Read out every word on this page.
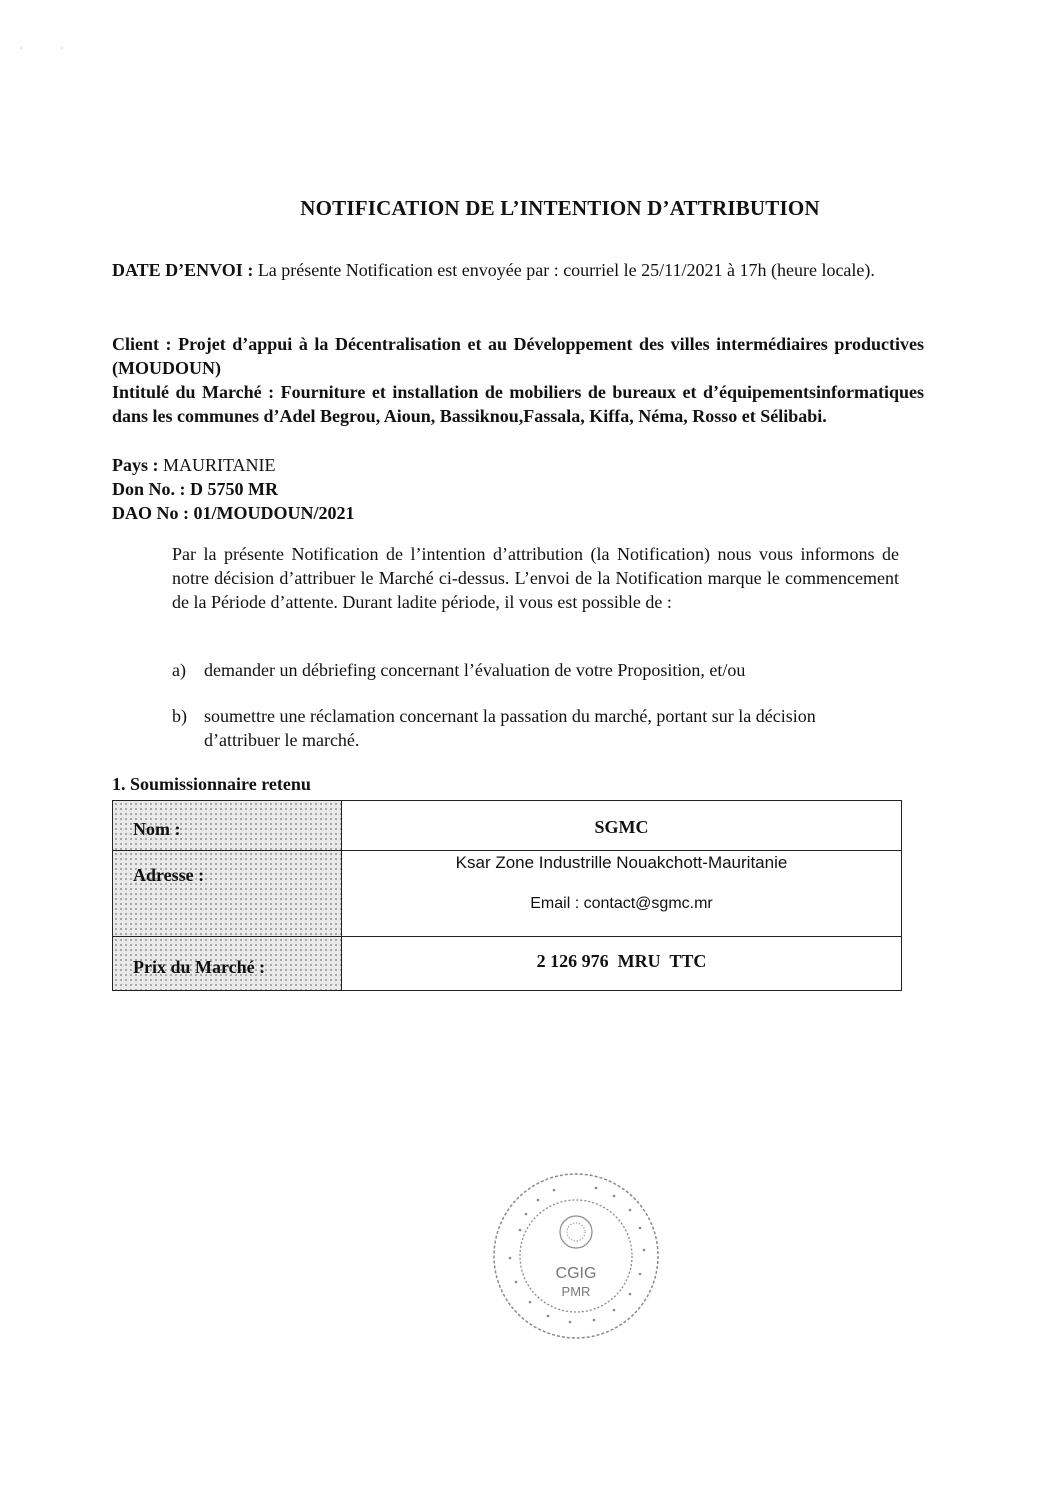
·                   ·
NOTIFICATION DE L’INTENTION D’ATTRIBUTION
DATE D’ENVOI : La présente Notification est envoyée par : courriel le 25/11/2021 à 17h (heure locale).
Client : Projet d’appui à la Décentralisation et au Développement des villes intermédiaires productives (MOUDOUN)
Intitulé du Marché : Fourniture et installation de mobiliers de bureaux et d’équipementsinformatiques dans les communes d’Adel Begrou, Aioun, Bassiknou,Fassala, Kiffa, Néma, Rosso et Sélibabi.
Pays : MAURITANIE
Don No. : D 5750 MR
DAO No : 01/MOUDOUN/2021
Par la présente Notification de l’intention d’attribution (la Notification) nous vous informons de notre décision d’attribuer le Marché ci-dessus. L’envoi de la Notification marque le commencement de la Période d’attente. Durant ladite période, il vous est possible de :
a) demander un débriefing concernant l’évaluation de votre Proposition, et/ou
b) soumettre une réclamation concernant la passation du marché, portant sur la décision d’attribuer le marché.
1. Soumissionnaire retenu
Nom :	SGMC
Adresse :	Ksar Zone Industrille Nouakchott-Mauritanie
Email : contact@sgmc.mr

Prix du Marché :	2 126 976  MRU  TTC
CGIG
PMR
